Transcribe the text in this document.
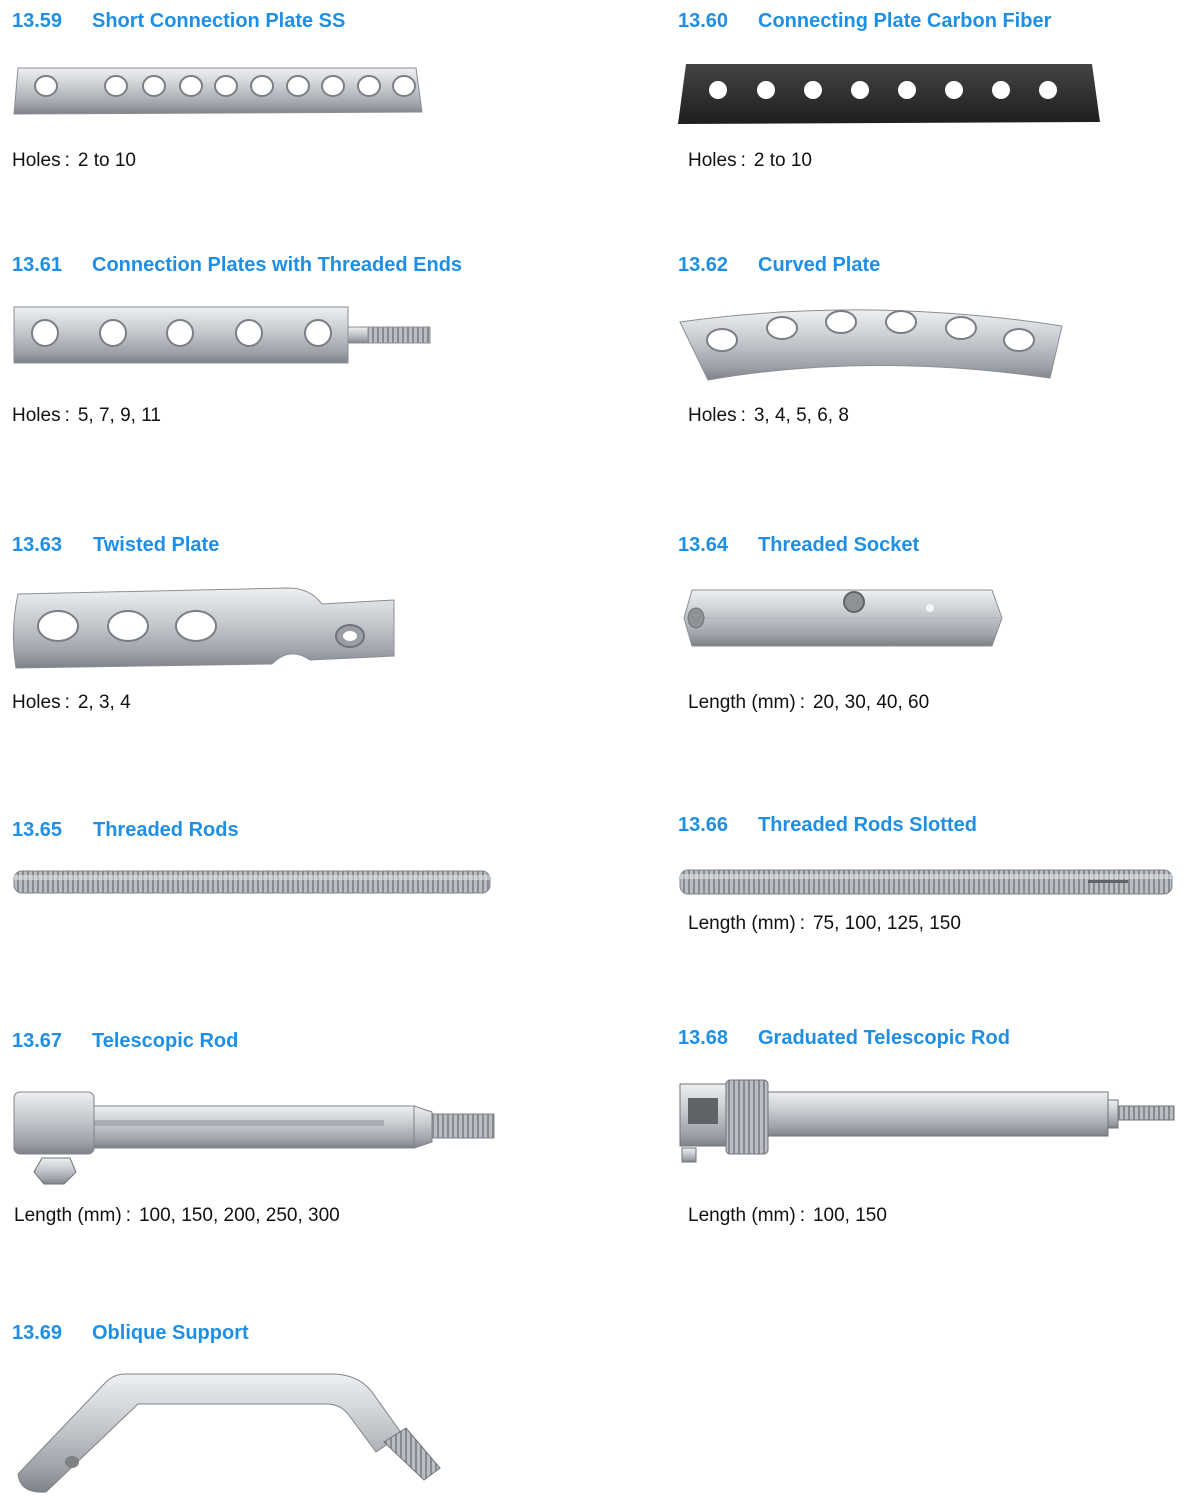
13.59 Short Connection Plate SS
Holes : 2 to 10
13.60 Connecting Plate Carbon Fiber
Holes : 2 to 10
13.61 Connection Plates with Threaded Ends
Holes : 5, 7, 9, 11
13.62 Curved Plate
Holes : 3, 4, 5, 6, 8
13.63 Twisted Plate
Holes : 2, 3, 4
13.64 Threaded Socket
Length (mm) : 20, 30, 40, 60
13.65 Threaded Rods	13.66 Threaded Rods Slotted
Length (mm) : 75, 100, 125, 150
13.67 Telescopic Rod
Length (mm) : 100, 150, 200, 250, 300
13.68 Graduated Telescopic Rod
Length (mm) : 100, 150
13.69 Oblique Support
